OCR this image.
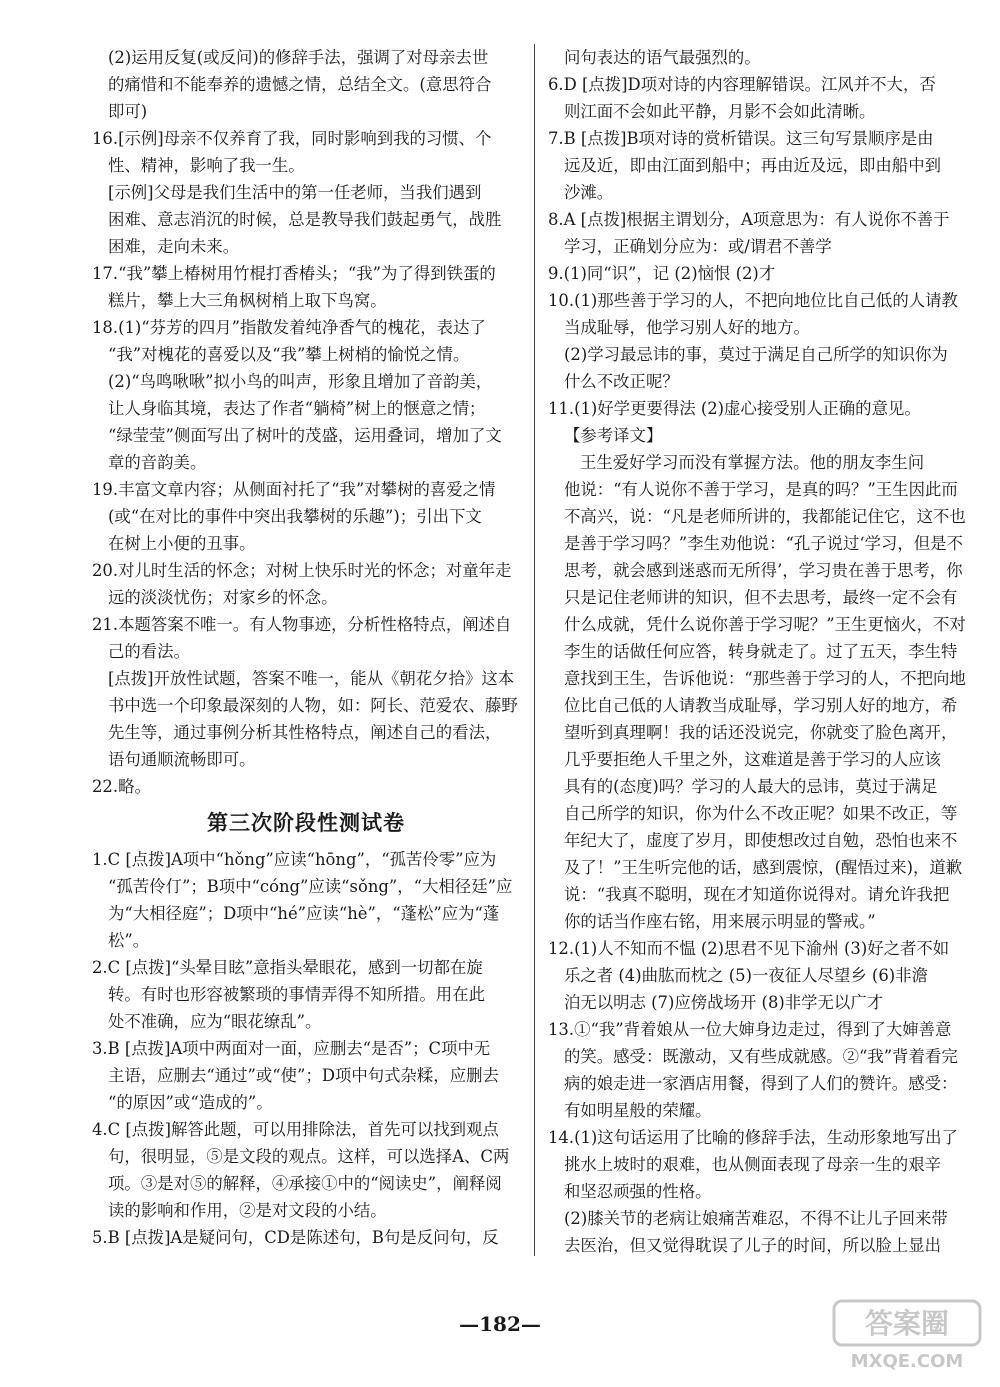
(2)运用反复(或反问)的修辞手法，强调了对母亲去世
的痛惜和不能奉养的遗憾之情，总结全文。(意思符合
即可)
16.[示例]母亲不仅养育了我，同时影响到我的习惯、个
性、精神，影响了我一生。
[示例]父母是我们生活中的第一任老师，当我们遇到
困难、意志消沉的时候，总是教导我们鼓起勇气，战胜
困难，走向未来。
17.“我”攀上椿树用竹棍打香椿头；“我”为了得到铁蛋的
糕片，攀上大三角枫树梢上取下鸟窝。
18.(1)“芬芳的四月”指散发着纯净香气的槐花，表达了
“我”对槐花的喜爱以及“我”攀上树梢的愉悦之情。
(2)“鸟鸣啾啾”拟小鸟的叫声，形象且增加了音韵美，
让人身临其境，表达了作者“躺椅”树上的惬意之情；
“绿莹莹”侧面写出了树叶的茂盛，运用叠词，增加了文
章的音韵美。
19.丰富文章内容；从侧面衬托了“我”对攀树的喜爱之情
(或“在对比的事件中突出我攀树的乐趣”)；引出下文
在树上小便的丑事。
20.对儿时生活的怀念；对树上快乐时光的怀念；对童年走
远的淡淡忧伤；对家乡的怀念。
21.本题答案不唯一。有人物事迹，分析性格特点，阐述自
己的看法。
[点拨]开放性试题，答案不唯一，能从《朝花夕拾》这本
书中选一个印象最深刻的人物，如：阿长、范爱农、藤野
先生等，通过事例分析其性格特点，阐述自己的看法，
语句通顺流畅即可。
22.略。
第三次阶段性测试卷
1.C [点拨]A项中“hǒng”应读“hōng”，“孤苦伶零”应为
“孤苦伶仃”；B项中“cóng”应读“sǒng”，“大相径廷”应
为“大相径庭”；D项中“hé”应读“hè”，“蓬松”应为“蓬
松”。
2.C [点拨]“头晕目眩”意指头晕眼花，感到一切都在旋
转。有时也形容被繁琐的事情弄得不知所措。用在此
处不准确，应为“眼花缭乱”。
3.B [点拨]A项中两面对一面，应删去“是否”；C项中无
主语，应删去“通过”或“使”；D项中句式杂糅，应删去
“的原因”或“造成的”。
4.C [点拨]解答此题，可以用排除法，首先可以找到观点
句，很明显，⑤是文段的观点。这样，可以选择A、C两
项。③是对⑤的解释，④承接①中的“阅读史”，阐释阅
读的影响和作用，②是对文段的小结。
5.B [点拨]A是疑问句，CD是陈述句，B句是反问句，反
问句表达的语气最强烈的。
6.D [点拨]D项对诗的内容理解错误。江风并不大，否
则江面不会如此平静，月影不会如此清晰。
7.B [点拨]B项对诗的赏析错误。这三句写景顺序是由
远及近，即由江面到船中；再由近及远，即由船中到
沙滩。
8.A [点拨]根据主谓划分，A项意思为：有人说你不善于
学习，正确划分应为：或/谓君不善学
9.(1)同“识”，记 (2)恼恨 (2)才
10.(1)那些善于学习的人，不把向地位比自己低的人请教
当成耻辱，他学习别人好的地方。
(2)学习最忌讳的事，莫过于满足自己所学的知识你为
什么不改正呢？
11.(1)好学更要得法 (2)虚心接受别人正确的意见。
【参考译文】
王生爱好学习而没有掌握方法。他的朋友李生问
他说：“有人说你不善于学习，是真的吗？”王生因此而
不高兴，说：“凡是老师所讲的，我都能记住它，这不也
是善于学习吗？”李生劝他说：“孔子说过‘学习，但是不
思考，就会感到迷惑而无所得’，学习贵在善于思考，你
只是记住老师讲的知识，但不去思考，最终一定不会有
什么成就，凭什么说你善于学习呢？”王生更恼火，不对
李生的话做任何应答，转身就走了。过了五天，李生特
意找到王生，告诉他说：“那些善于学习的人，不把向地
位比自己低的人请教当成耻辱，学习别人好的地方，希
望听到真理啊！我的话还没说完，你就变了脸色离开，
几乎要拒绝人千里之外，这难道是善于学习的人应该
具有的(态度)吗？学习的人最大的忌讳，莫过于满足
自己所学的知识，你为什么不改正呢？如果不改正，等
年纪大了，虚度了岁月，即使想改过自勉，恐怕也来不
及了！”王生听完他的话，感到震惊，(醒悟过来)，道歉
说：“我真不聪明，现在才知道你说得对。请允许我把
你的话当作座右铭，用来展示明显的警戒。”
12.(1)人不知而不愠 (2)思君不见下渝州 (3)好之者不如
乐之者 (4)曲肱而枕之 (5)一夜征人尽望乡 (6)非澹
泊无以明志 (7)应傍战场开 (8)非学无以广才
13.①“我”背着娘从一位大婶身边走过，得到了大婶善意
的笑。感受：既激动，又有些成就感。②“我”背着看完
病的娘走进一家酒店用餐，得到了人们的赞许。感受：
有如明星般的荣耀。
14.(1)这句话运用了比喻的修辞手法，生动形象地写出了
挑水上坡时的艰难，也从侧面表现了母亲一生的艰辛
和坚忍顽强的性格。
(2)膝关节的老病让娘痛苦难忍，不得不让儿子回来带
去医治，但又觉得耽误了儿子的时间，所以脸上显出
—182—	答案圈
MXQE.COM
